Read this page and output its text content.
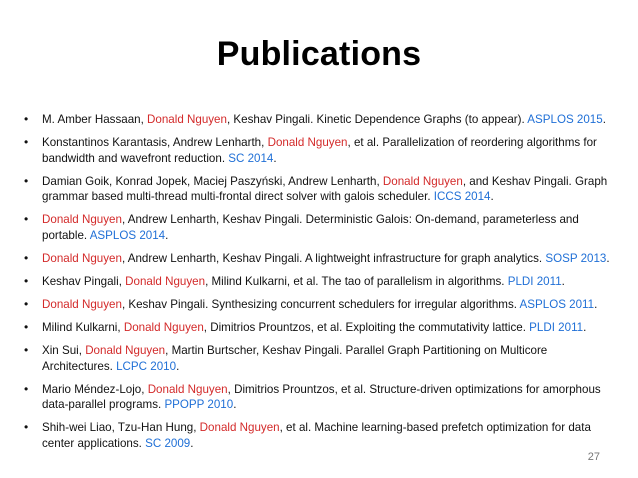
Publications
• M. Amber Hassaan, Donald Nguyen, Keshav Pingali. Kinetic Dependence Graphs (to appear). ASPLOS 2015.
• Konstantinos Karantasis, Andrew Lenharth, Donald Nguyen, et al. Parallelization of reordering algorithms for bandwidth and wavefront reduction. SC 2014.
• Damian Goik, Konrad Jopek, Maciej Paszyński, Andrew Lenharth, Donald Nguyen, and Keshav Pingali. Graph grammar based multi-thread multi-frontal direct solver with galois scheduler. ICCS 2014.
• Donald Nguyen, Andrew Lenharth, Keshav Pingali. Deterministic Galois: On-demand, parameterless and portable. ASPLOS 2014.
• Donald Nguyen, Andrew Lenharth, Keshav Pingali. A lightweight infrastructure for graph analytics. SOSP 2013.
• Keshav Pingali, Donald Nguyen, Milind Kulkarni, et al. The tao of parallelism in algorithms. PLDI 2011.
• Donald Nguyen, Keshav Pingali. Synthesizing concurrent schedulers for irregular algorithms. ASPLOS 2011.
• Milind Kulkarni, Donald Nguyen, Dimitrios Prountzos, et al. Exploiting the commutativity lattice. PLDI 2011.
• Xin Sui, Donald Nguyen, Martin Burtscher, Keshav Pingali. Parallel Graph Partitioning on Multicore Architectures. LCPC 2010.
• Mario Méndez-Lojo, Donald Nguyen, Dimitrios Prountzos, et al. Structure-driven optimizations for amorphous data-parallel programs. PPOPP 2010.
• Shih-wei Liao, Tzu-Han Hung, Donald Nguyen, et al. Machine learning-based prefetch optimization for data center applications. SC 2009.
27
